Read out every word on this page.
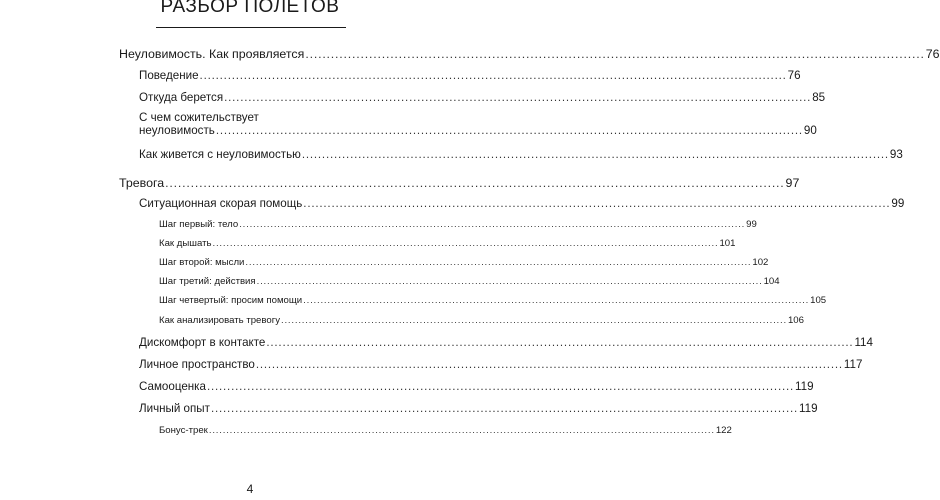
РАЗБОР ПОЛЕТОВ
Неуловимость. Как проявляется .................................................................................................................................................. 76
Поведение .................................................................................................................................................. 76
Откуда берется .................................................................................................................................................. 85
С чем сожительствует
неуловимость .................................................................................................................................................. 90
Как живется с неуловимостью .................................................................................................................................................. 93
Тревога .................................................................................................................................................. 97
Ситуационная скорая помощь .................................................................................................................................................. 99
Шаг первый: тело .................................................................................................................................................. 99
Как дышать .................................................................................................................................................. 101
Шаг второй: мысли .................................................................................................................................................. 102
Шаг третий: действия .................................................................................................................................................. 104
Шаг четвертый: просим помощи .................................................................................................................................................. 105
Как анализировать тревогу .................................................................................................................................................. 106
Дискомфорт в контакте .................................................................................................................................................. 114
Личное пространство .................................................................................................................................................. 117
Самооценка .................................................................................................................................................. 119
Личный опыт .................................................................................................................................................. 119
Бонус-трек .................................................................................................................................................. 122
4
